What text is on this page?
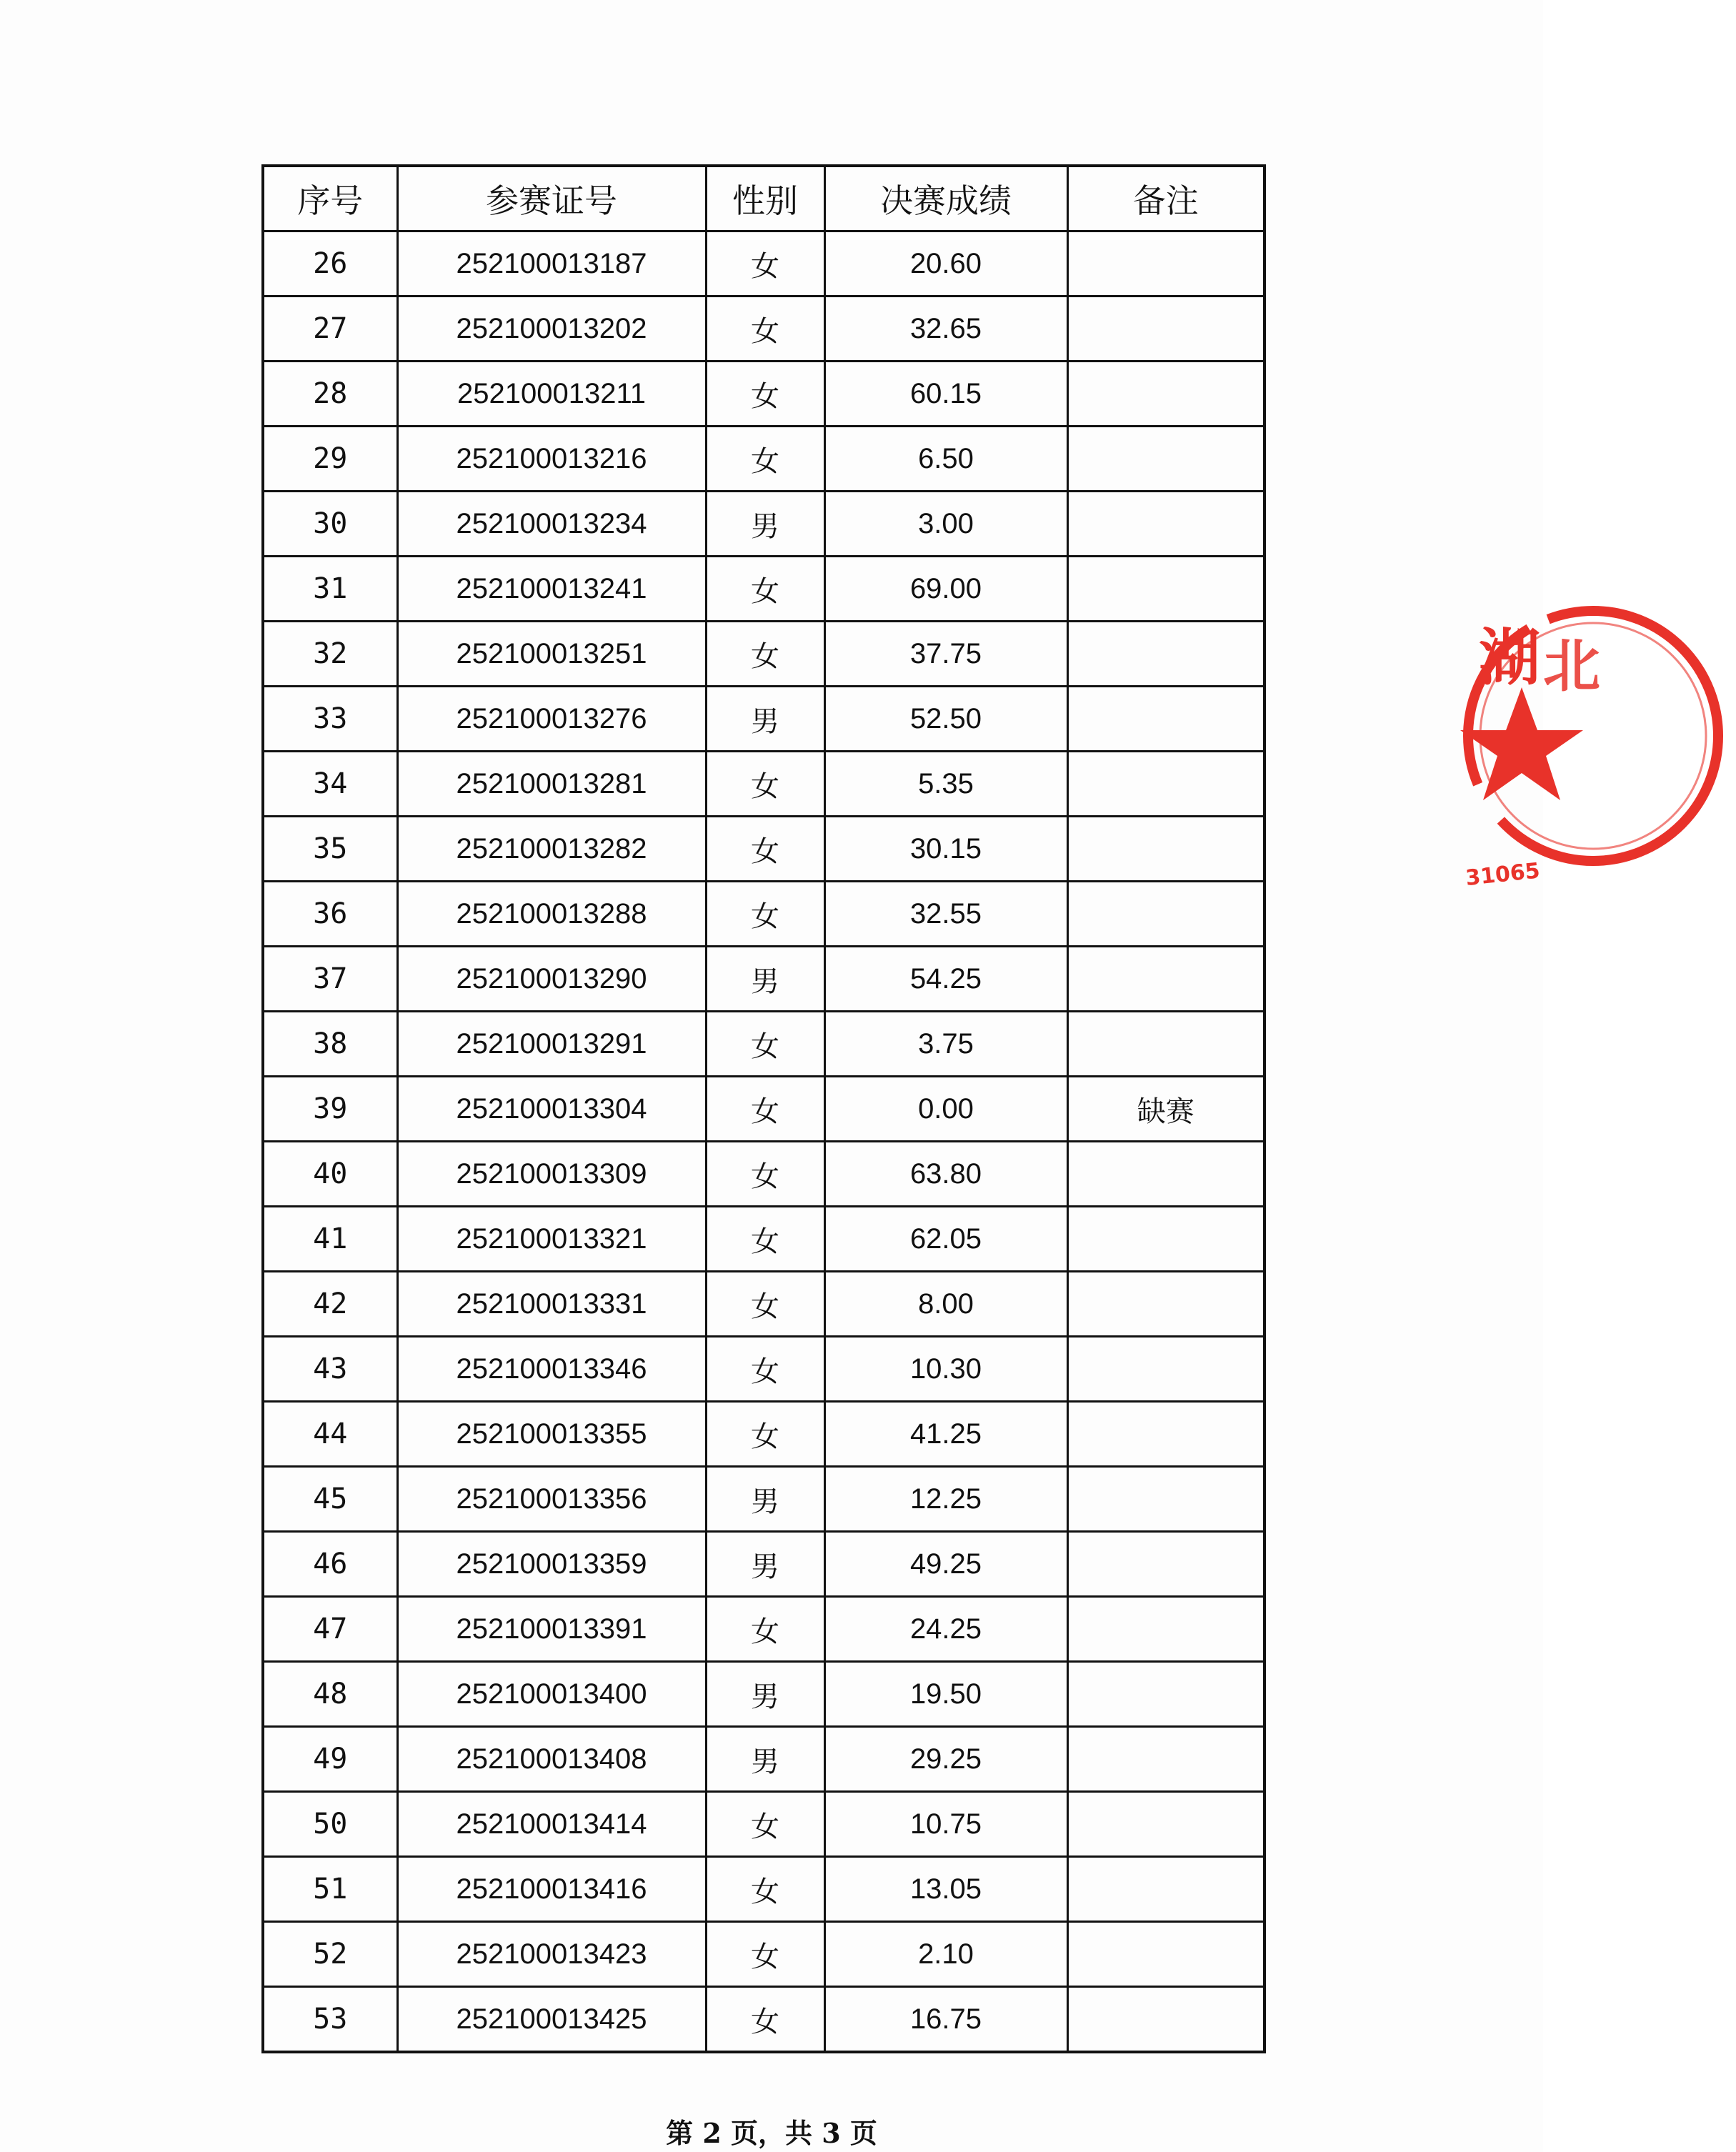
序号	参赛证号	性别	决赛成绩	备注
26	252100013187	女	20.60	
27	252100013202	女	32.65	
28	252100013211	女	60.15	
29	252100013216	女	6.50	
30	252100013234	男	3.00	
31	252100013241	女	69.00	
32	252100013251	女	37.75	
33	252100013276	男	52.50	
34	252100013281	女	5.35	
35	252100013282	女	30.15	
36	252100013288	女	32.55	
37	252100013290	男	54.25	
38	252100013291	女	3.75	
39	252100013304	女	0.00	缺赛
40	252100013309	女	63.80	
41	252100013321	女	62.05	
42	252100013331	女	8.00	
43	252100013346	女	10.30	
44	252100013355	女	41.25	
45	252100013356	男	12.25	
46	252100013359	男	49.25	
47	252100013391	女	24.25	
48	252100013400	男	19.50	
49	252100013408	男	29.25	
50	252100013414	女	10.75	
51	252100013416	女	13.05	
52	252100013423	女	2.10	
53	252100013425	女	16.75	
湖 北
31065
第 2 页，共 3 页
